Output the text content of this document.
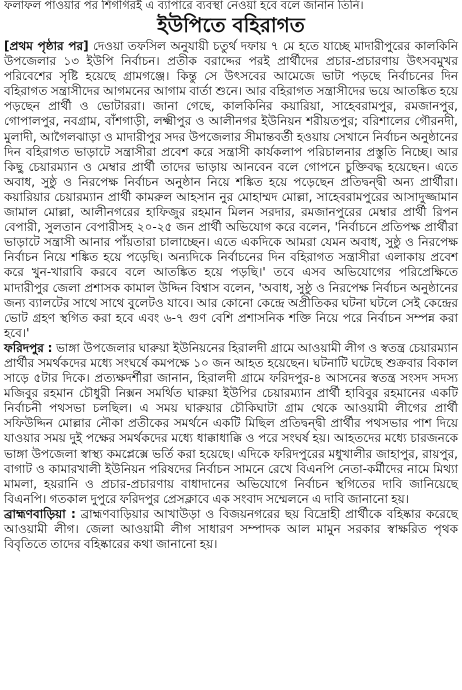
ফলাফল পাওয়ার পর শিগগিরই এ ব্যাপারে ব্যবস্থা নেওয়া হবে বলে জানান তিনি।
ইউপিতে বহিরাগত

[প্রথম পৃষ্ঠার পর] দেওয়া তফসিল অনুযায়ী চতুর্থ দফায় ৭ মে হতে যাচ্ছে মাদারীপুরের কালকিনি উপজেলার ১৩ ইউপি নির্বাচন। প্রতীক বরাদ্দের পরই প্রার্থীদের প্রচার-প্রচারণায় উৎসবমুখর পরিবেশের সৃষ্টি হয়েছে গ্রামগঞ্জে। কিন্তু সে উৎসবের আমেজে ভাটা পড়ছে নির্বাচনের দিন বহিরাগত সন্ত্রাসীদের আগমনের আগাম বার্তা শুনে। আর বহিরাগত সন্ত্রাসীদের ভয়ে আতঙ্কিত হয়ে পড়ছেন প্রার্থী ও ভোটাররা। জানা গেছে, কালকিনির কয়ারিয়া, সাহেবরামপুর, রমজানপুর, গোপালপুর, নবগ্রাম, বাঁশগাড়ী, লক্ষ্মীপুর ও আলীনগর ইউনিয়ন শরীয়তপুর; বরিশালের গৌরনদী, মুলাদী, আগৈলঝাড়া ও মাদারীপুর সদর উপজেলার সীমান্তবর্তী হওয়ায় সেখানে নির্বাচন অনুষ্ঠানের দিন বহিরাগত ভাড়াটে সন্ত্রাসীরা প্রবেশ করে সন্ত্রাসী কার্যকলাপ পরিচালনার প্রস্তুতি নিচ্ছে। আর কিছু চেয়ারম্যান ও মেম্বার প্রার্থী তাদের ভাড়ায় আনবেন বলে গোপনে চুক্তিবদ্ধ হয়েছেন। এতে অবাধ, সুষ্ঠু ও নিরপেক্ষ নির্বাচন অনুষ্ঠান নিয়ে শঙ্কিত হয়ে পড়েছেন প্রতিদ্বন্দ্বী অন্য প্রার্থীরা। কয়ারিয়ার চেয়ারম্যান প্রার্থী কামরুল আহসান নুর মোহাম্মদ মোল্লা, সাহেবরামপুরের আসাদুজ্জামান জামাল মোল্লা, আলীনগরের হাফিজুর রহমান মিলন সরদার, রমজানপুরের মেম্বার প্রার্থী রিপন বেপারী, সুলতান বেপারীসহ ২০-২৫ জন প্রার্থী অভিযোগ করে বলেন, 'নির্বাচনে প্রতিপক্ষ প্রার্থীরা ভাড়াটে সন্ত্রাসী আনার পাঁয়তারা চালাচ্ছেন। এতে একদিকে আমরা যেমন অবাধ, সুষ্ঠু ও নিরপেক্ষ নির্বাচন নিয়ে শঙ্কিত হয়ে পড়েছি। অন্যদিকে নির্বাচনের দিন বহিরাগত সন্ত্রাসীরা এলাকায় প্রবেশ করে খুন-খারাবি করবে বলে আতঙ্কিত হয়ে পড়ছি।' তবে এসব অভিযোগের পরিপ্রেক্ষিতে মাদারীপুর জেলা প্রশাসক কামাল উদ্দিন বিশ্বাস বলেন, 'অবাধ, সুষ্ঠু ও নিরপেক্ষ নির্বাচন অনুষ্ঠানের জন্য ব্যালটের সাথে সাথে বুলেটও যাবে। আর কোনো কেন্দ্রে অপ্রীতিকর ঘটনা ঘটলে সেই কেন্দ্রের ভোট গ্রহণ স্থগিত করা হবে এবং ৬-৭ গুণ বেশি প্রশাসনিক শক্তি নিয়ে পরে নির্বাচন সম্পন্ন করা হবে।'

ফরিদপুর : ভাঙ্গা উপজেলার ঘারুয়া ইউনিয়নের হিরালদী গ্রামে আওয়ামী লীগ ও স্বতন্ত্র চেয়ারম্যান প্রার্থীর সমর্থকদের মধ্যে সংঘর্ষে কমপক্ষে ১০ জন আহত হয়েছেন। ঘটনাটি ঘটেছে শুক্রবার বিকাল সাড়ে ৫টার দিকে। প্রত্যক্ষদর্শীরা জানান, হিরালদী গ্রামে ফরিদপুর-৪ আসনের স্বতন্ত্র সংসদ সদস্য মজিবুর রহমান চৌধুরী নিক্সন সমর্থিত ঘারুয়া ইউপির চেয়ারম্যান প্রার্থী হাবিবুর রহমানের একটি নির্বাচনী পথসভা চলছিল। এ সময় ঘারুয়ার চৌকিঘাটা গ্রাম থেকে আওয়ামী লীগের প্রার্থী সফিউদ্দিন মোল্লার নৌকা প্রতীকের সমর্থনে একটি মিছিল প্রতিদ্বন্দ্বী প্রার্থীর পথসভার পাশ দিয়ে যাওয়ার সময় দুই পক্ষের সমর্থকদের মধ্যে ধাক্কাধাক্কি ও পরে সংঘর্ষ হয়। আহতদের মধ্যে চারজনকে ভাঙ্গা উপজেলা স্বাস্থ্য কমপ্লেক্সে ভর্তি করা হয়েছে। এদিকে ফরিদপুরের মধুখালীর জাহাপুর, রায়পুর, বাগাট ও কামারখালী ইউনিয়ন পরিষদের নির্বাচন সামনে রেখে বিএনপি নেতা-কর্মীদের নামে মিথ্যা মামলা, হয়রানি ও প্রচার-প্রচারণায় বাধাদানের অভিযোগে নির্বাচন স্থগিতের দাবি জানিয়েছে বিএনপি। গতকাল দুপুরে ফরিদপুর প্রেসক্লাবে এক সংবাদ সম্মেলনে এ দাবি জানানো হয়।

ব্রাহ্মণবাড়িয়া : ব্রাহ্মণবাড়িয়ার আখাউড়া ও বিজয়নগরের ছয় বিদ্রোহী প্রার্থীকে বহিষ্কার করেছে আওয়ামী লীগ। জেলা আওয়ামী লীগ সাধারণ সম্পাদক আল মামুন সরকার স্বাক্ষরিত পৃথক বিবৃতিতে তাদের বহিষ্কারের কথা জানানো হয়।
